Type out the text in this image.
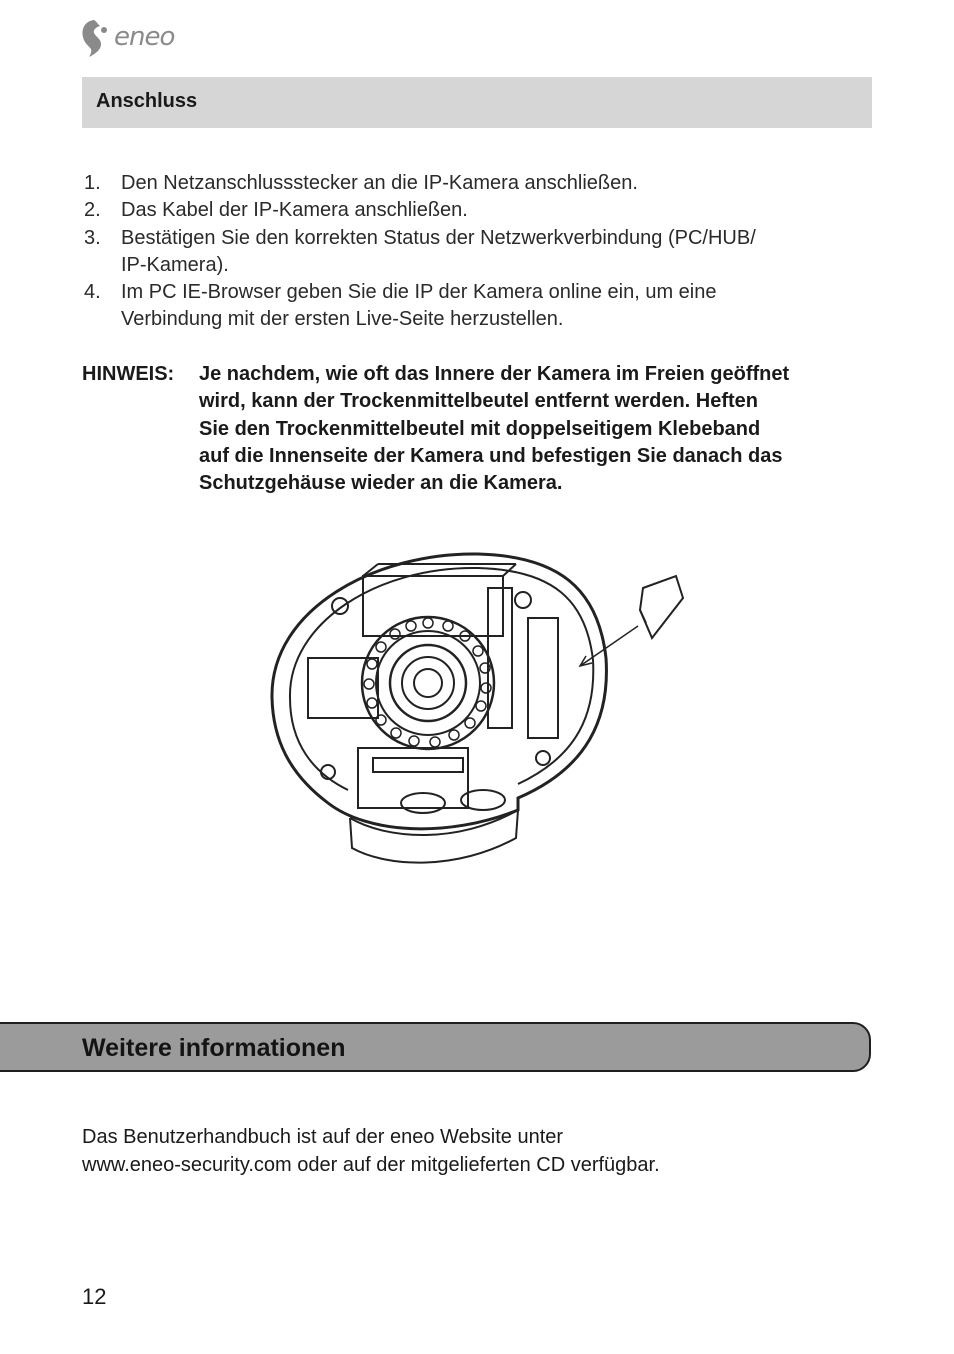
eneo
Anschluss
1. Den Netzanschlussstecker an die IP-Kamera anschließen.
2. Das Kabel der IP-Kamera anschließen.
3. Bestätigen Sie den korrekten Status der Netzwerkverbindung (PC/HUB/
IP-Kamera).
4. Im PC IE-Browser geben Sie die IP der Kamera online ein, um eine
Verbindung mit der ersten Live-Seite herzustellen.
HINWEIS: Je nachdem, wie oft das Innere der Kamera im Freien geöffnet
wird, kann der Trockenmittelbeutel entfernt werden. Heften
Sie den Trockenmittelbeutel mit doppelseitigem Klebeband
auf die Innenseite der Kamera und befestigen Sie danach das
Schutzgehäuse wieder an die Kamera.
Weitere informationen
Das Benutzerhandbuch ist auf der eneo Website unter
www.eneo-security.com oder auf der mitgelieferten CD verfügbar.
12
